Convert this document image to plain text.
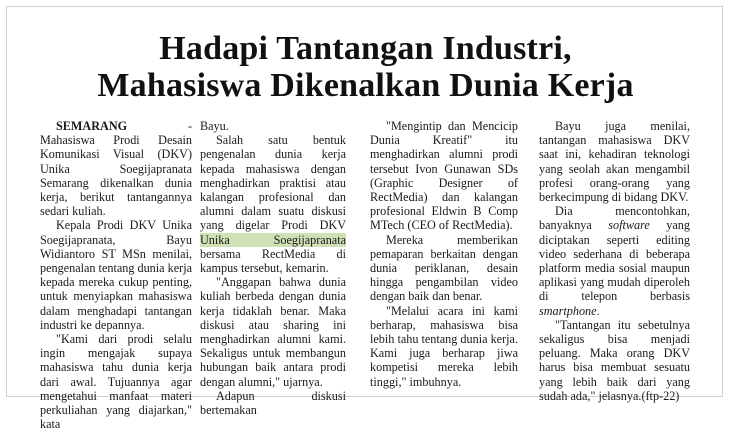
Hadapi Tantangan Industri,
Mahasiswa Dikenalkan Dunia Kerja

SEMARANG - Mahasiswa Prodi Desain Komunikasi Visual (DKV) Unika Soegijapranata Semarang dikenalkan dunia kerja, berikut tantangannya sedari kuliah.

Kepala Prodi DKV Unika Soegijapranata, Bayu Widiantoro ST MSn menilai, pengenalan tentang dunia kerja kepada mereka cukup penting, untuk menyiapkan mahasiswa dalam menghadapi tantangan industri ke depannya.

"Kami dari prodi selalu ingin mengajak supaya mahasiswa tahu dunia kerja dari awal. Tujuannya agar mengetahui manfaat materi perkuliahan yang diajarkan," kata

Bayu.

Salah satu bentuk pengenalan dunia kerja kepada mahasiswa dengan menghadirkan praktisi atau kalangan profesional dan alumni dalam suatu diskusi yang digelar Prodi DKV Unika Soegijapranata bersama RectMedia di kampus tersebut, kemarin.

"Anggapan bahwa dunia kuliah berbeda dengan dunia kerja tidaklah benar. Maka diskusi atau sharing ini menghadirkan alumni kami. Sekaligus untuk membangun hubungan baik antara prodi dengan alumni," ujarnya.

Adapun diskusi bertemakan

"Mengintip dan Mencicip Dunia Kreatif" itu menghadirkan alumni prodi tersebut Ivon Gunawan SDs (Graphic Designer of RectMedia) dan kalangan profesional Eldwin B Comp MTech (CEO of RectMedia).

Mereka memberikan pemaparan berkaitan dengan dunia periklanan, desain hingga pengambilan video dengan baik dan benar.

"Melalui acara ini kami berharap, mahasiswa bisa lebih tahu tentang dunia kerja. Kami juga berharap jiwa kompetisi mereka lebih tinggi," imbuhnya.

Bayu juga menilai, tantangan mahasiswa DKV saat ini, kehadiran teknologi yang seolah akan mengambil profesi orang-orang yang berkecimpung di bidang DKV.

Dia mencontohkan, banyaknya software yang diciptakan seperti editing video sederhana di beberapa platform media sosial maupun aplikasi yang mudah diperoleh di telepon berbasis smartphone.

"Tantangan itu sebetulnya sekaligus bisa menjadi peluang. Maka orang DKV harus bisa membuat sesuatu yang lebih baik dari yang sudah ada," jelasnya.(ftp-22)
